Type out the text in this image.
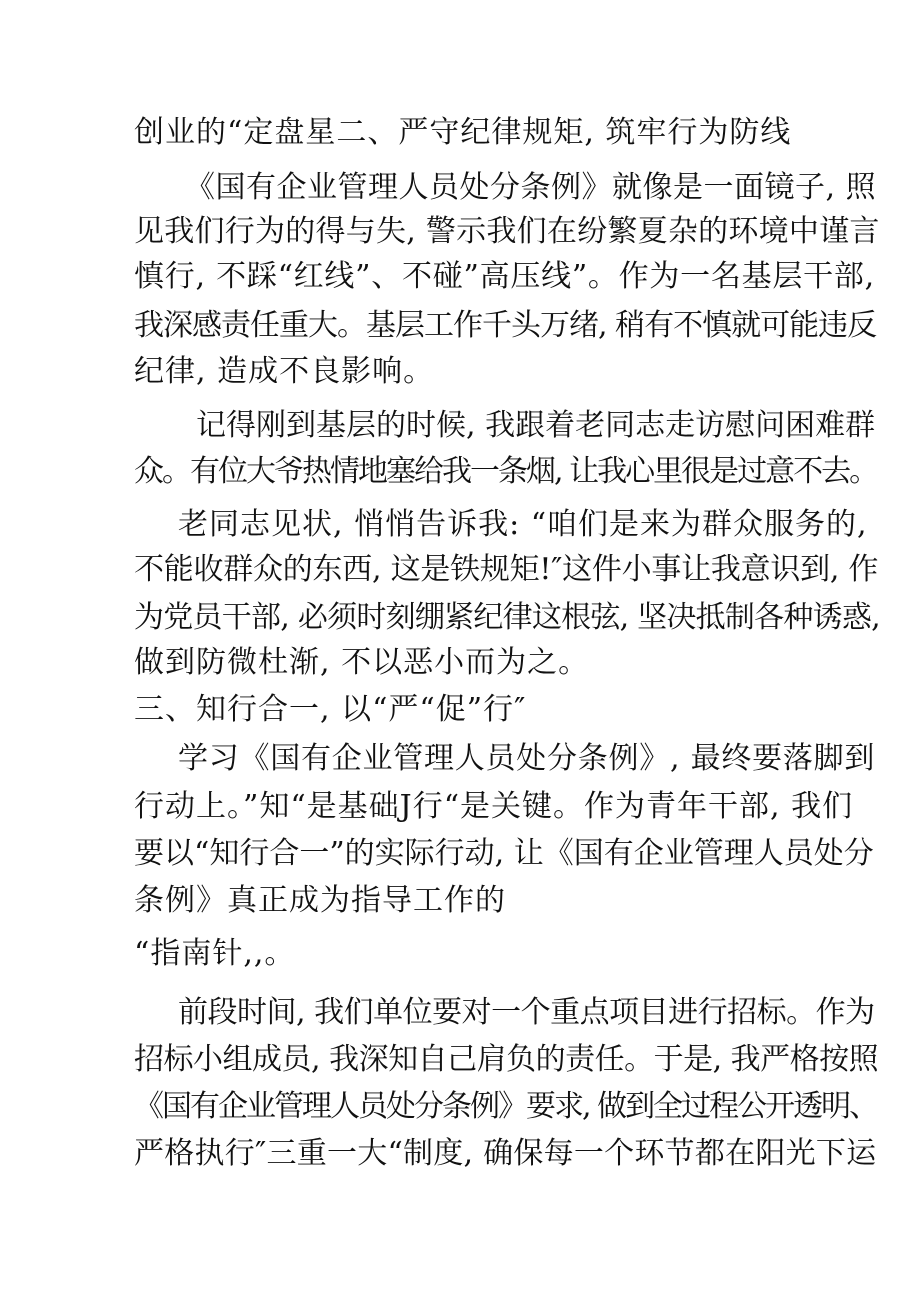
创业的“定盘星二、严守纪律规矩, 筑牢行为防线
《国有企业管理人员处分条例》就像是一面镜子, 照
见我们行为的得与失, 警示我们在纷繁夏杂的环境中谨言
慎行, 不踩“红线”、不碰”高压线”。作为一名基层干部,
我深感责任重大。基层工作千头万绪, 稍有不慎就可能违反
纪律, 造成不良影响。
记得刚到基层的时候, 我跟着老同志走访慰问困难群
众。有位大爷热情地塞给我一条烟, 让我心里很是过意不去。
老同志见状, 悄悄告诉我: “咱们是来为群众服务的,
不能收群众的东西, 这是铁规矩!″这件小事让我意识到, 作
为党员干部, 必须时刻绷紧纪律这根弦, 坚决抵制各种诱惑,
做到防微杜渐, 不以恶小而为之。
三、知行合一, 以“严“促”行″
学习《国有企业管理人员处分条例》, 最终要落脚到
行动上。”知“是基础J行“是关键。作为青年干部, 我们
要以“知行合一”的实际行动, 让《国有企业管理人员处分
条例》真正成为指导工作的
“指南针,,。
前段时间, 我们单位要对一个重点项目进行招标。作为
招标小组成员, 我深知自己肩负的责任。于是, 我严格按照
《国有企业管理人员处分条例》要求, 做到全过程公开透明、
严格执行″三重一大“制度, 确保每一个环节都在阳光下运
